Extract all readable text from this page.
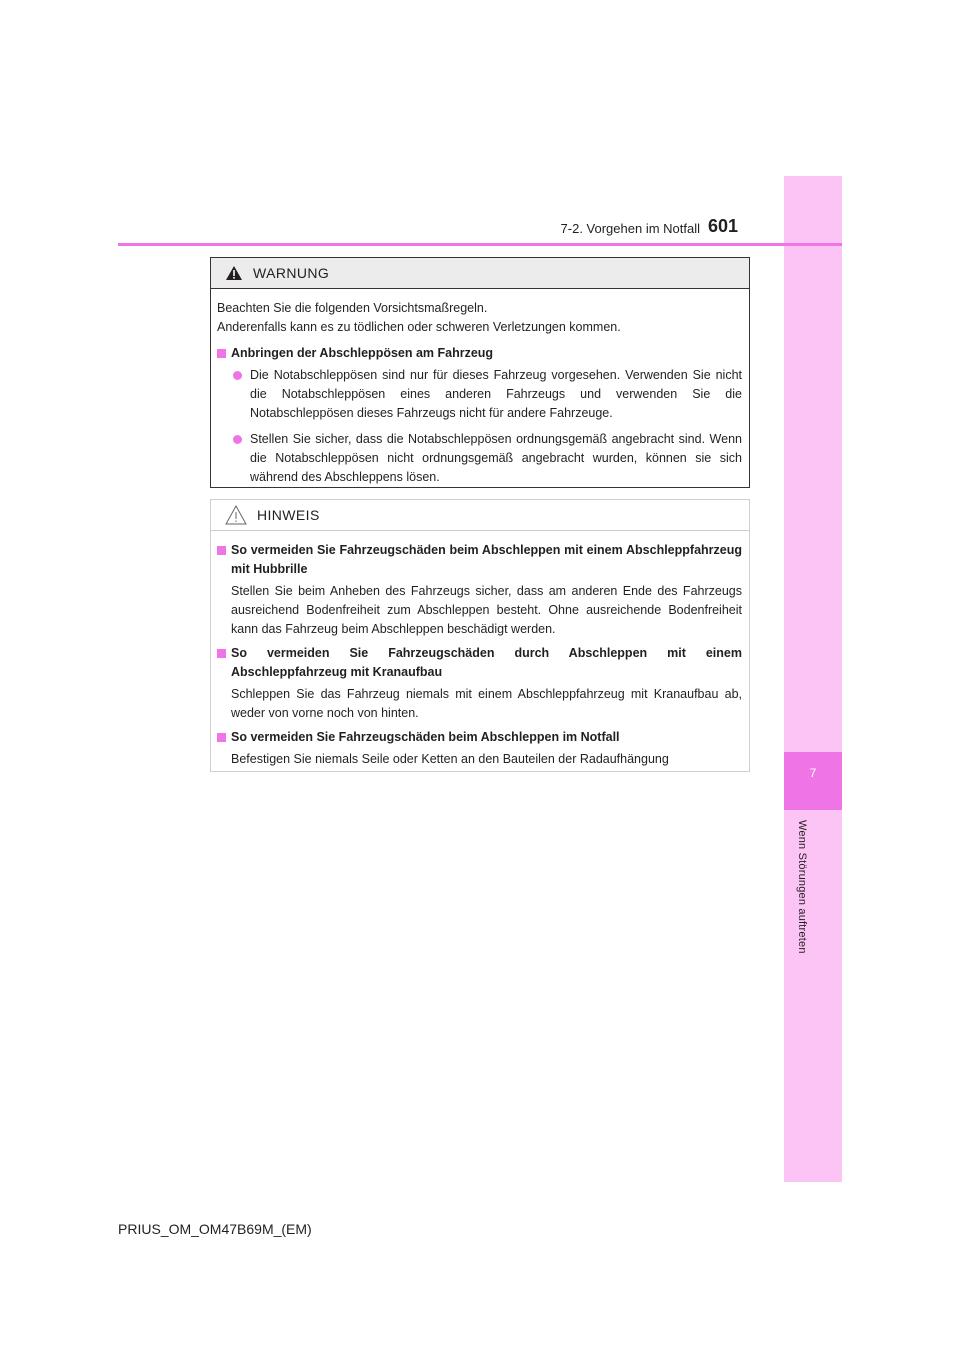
7
Wenn Störungen auftreten
7-2. Vorgehen im Notfall 601
WARNUNG

Beachten Sie die folgenden Vorsichtsmaßregeln.
Anderenfalls kann es zu tödlichen oder schweren Verletzungen kommen.

Anbringen der Abschleppösen am Fahrzeug

Die Notabschleppösen sind nur für dieses Fahrzeug vorgesehen. Verwenden Sie nicht die Notabschleppösen eines anderen Fahrzeugs und verwenden Sie die Notabschleppösen dieses Fahrzeugs nicht für andere Fahrzeuge.
Stellen Sie sicher, dass die Notabschleppösen ordnungsgemäß angebracht sind. Wenn die Notabschleppösen nicht ordnungsgemäß angebracht wurden, können sie sich während des Abschleppens lösen.
HINWEIS

So vermeiden Sie Fahrzeugschäden beim Abschleppen mit einem Abschleppfahrzeug mit Hubbrille

Stellen Sie beim Anheben des Fahrzeugs sicher, dass am anderen Ende des Fahrzeugs ausreichend Bodenfreiheit zum Abschleppen besteht. Ohne ausreichende Bodenfreiheit kann das Fahrzeug beim Abschleppen beschädigt werden.

So vermeiden Sie Fahrzeugschäden durch Abschleppen mit einem Abschleppfahrzeug mit Kranaufbau

Schleppen Sie das Fahrzeug niemals mit einem Abschleppfahrzeug mit Kranaufbau ab, weder von vorne noch von hinten.

So vermeiden Sie Fahrzeugschäden beim Abschleppen im Notfall

Befestigen Sie niemals Seile oder Ketten an den Bauteilen der Radaufhängung

PRIUS_OM_OM47B69M_(EM)
